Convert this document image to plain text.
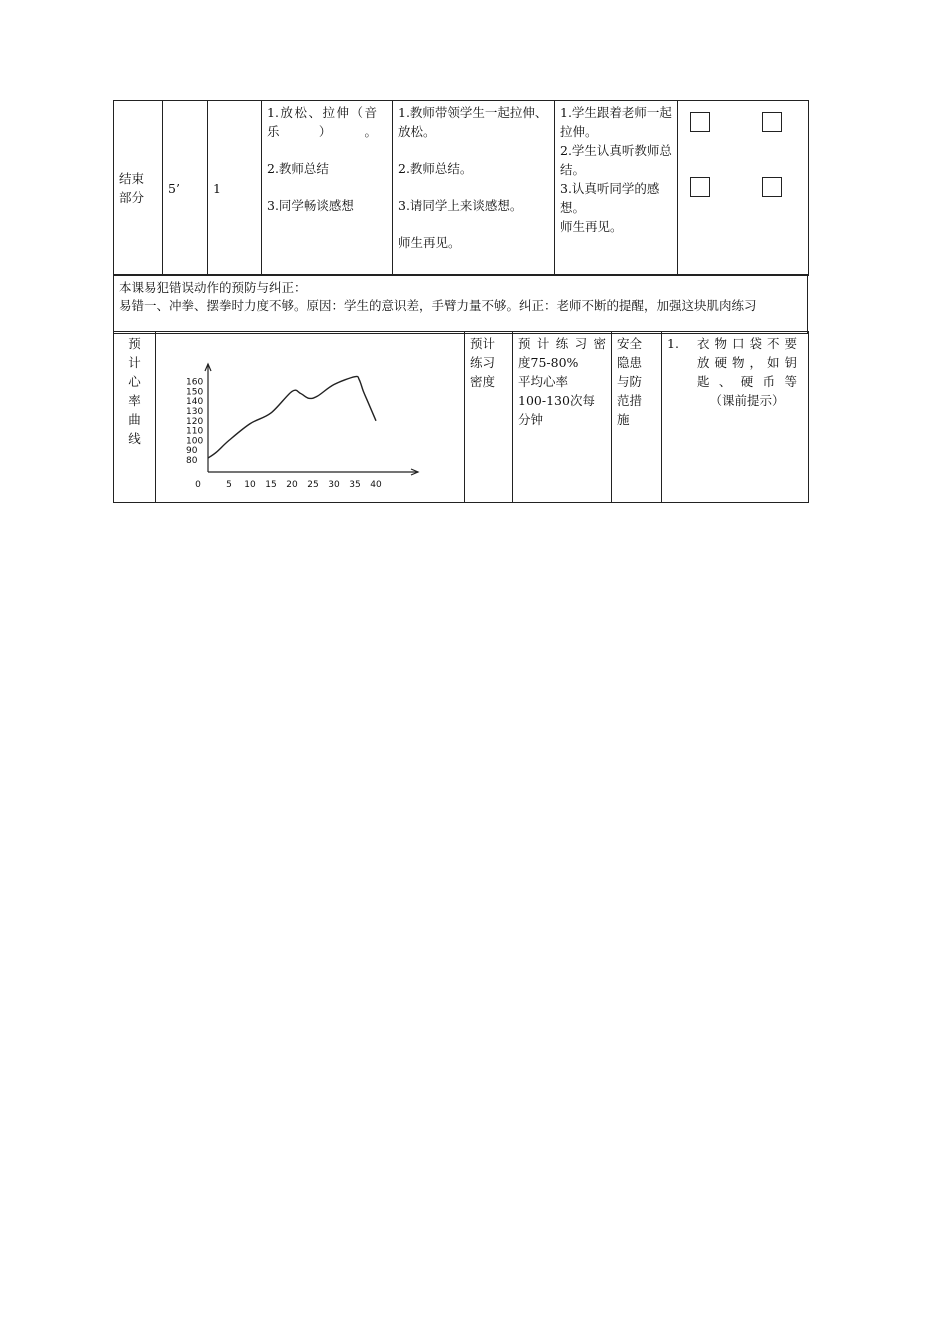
结束
部分
	5’	1	
1.放松、拉伸（音乐）。
2.教师总结
3.同学畅谈感想

1.教师带领学生一起拉伸、放松。
2.教师总结。
3.请同学上来谈感想。
师生再见。

1.学生跟着老师一起拉伸。
2.学生认真听教师总结。
3.认真听同学的感想。
师生再见。

本课易犯错误动作的预防与纠正：
易错一、冲拳、摆拳时力度不够。原因：学生的意识差，手臂力量不够。纠正：老师不断的提醒，加强这块肌肉练习
预
计
心
率
曲
线

0	5 10 15 20 25 30 35 40
160
150
140
130
120
110
100
90
80

预计
练习
密度

预计练习密
度75-80%
平均心率
100-130次每
分钟

安全
隐患
与防
范措
施

1.	衣物口袋不要
放硬物，如钥
匙、硬币等
（课前提示）
